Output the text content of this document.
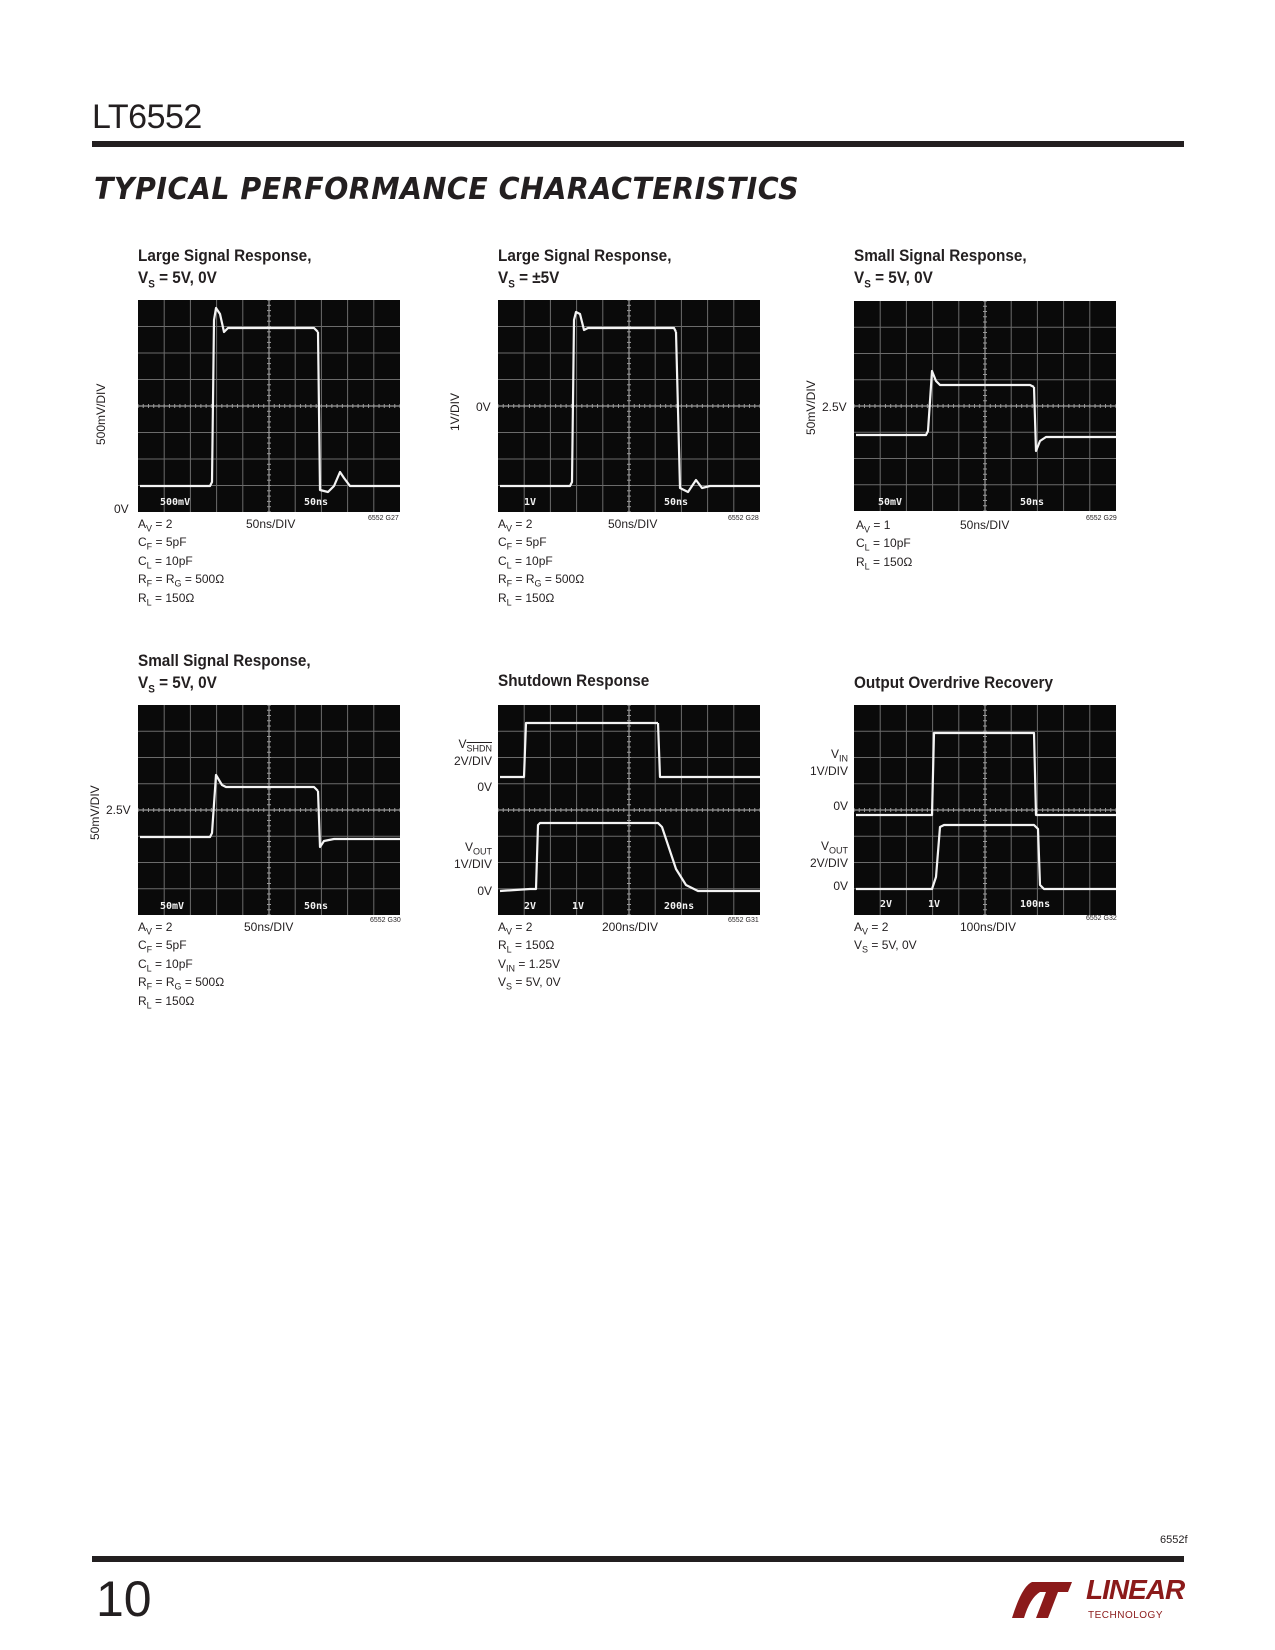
LT6552
TYPICAL PERFORMANCE CHARACTERISTICS
Large Signal Response,
$V_S = 5V$, 0V
500mV/DIV
0V	500mV	50ns
50ns/DIV	6552 G27
$A_V = 2$
$C_F = 5pF$
$C_L = 10pF$
$R_F = R_G = 500\Omega$
$R_L = 150\Omega$
Large Signal Response,
$V_S = \pm 5V$
1V/DIV 0V
1V	50ns
50ns/DIV	6552 G28
$A_V = 2$
$C_F = 5pF$
$C_L = 10pF$
$R_F = R_G = 500\Omega$
$R_L = 150\Omega$
Small Signal Response,
$V_S = 5V$, 0V
50mV/DIV 2.5V
50mV	50ns
50ns/DIV	6552 G29
$A_V = 1$
$C_L = 10pF$
$R_L = 150\Omega$
Small Signal Response,
$V_S = 5V$, 0V
50mV/DIV 2.5V
50mV	50ns
50ns/DIV	6552 G30
$A_V = 2$
$C_F = 5pF$
$C_L = 10pF$
$R_F = R_G = 500\Omega$
$R_L = 150\Omega$
Shutdown Response
$V_{SHDN}$
2V/DIV
0V
$V_{OUT}$
1V/DIV
0V
2V	1V	200ns
200ns/DIV	6552 G31
$A_V = 2$
$R_L = 150\Omega$
$V_{IN} = 1.25V$
$V_S = 5V$, 0V
Output Overdrive Recovery
$V_{IN}$
1V/DIV
0V
$V_{OUT}$
2V/DIV
0V
2V	1V	100ns
100ns/DIV
6552 G32
$A_V = 2$
$V_S = 5V$, 0V
6552f
10	LINEAR
TECHNOLOGY
